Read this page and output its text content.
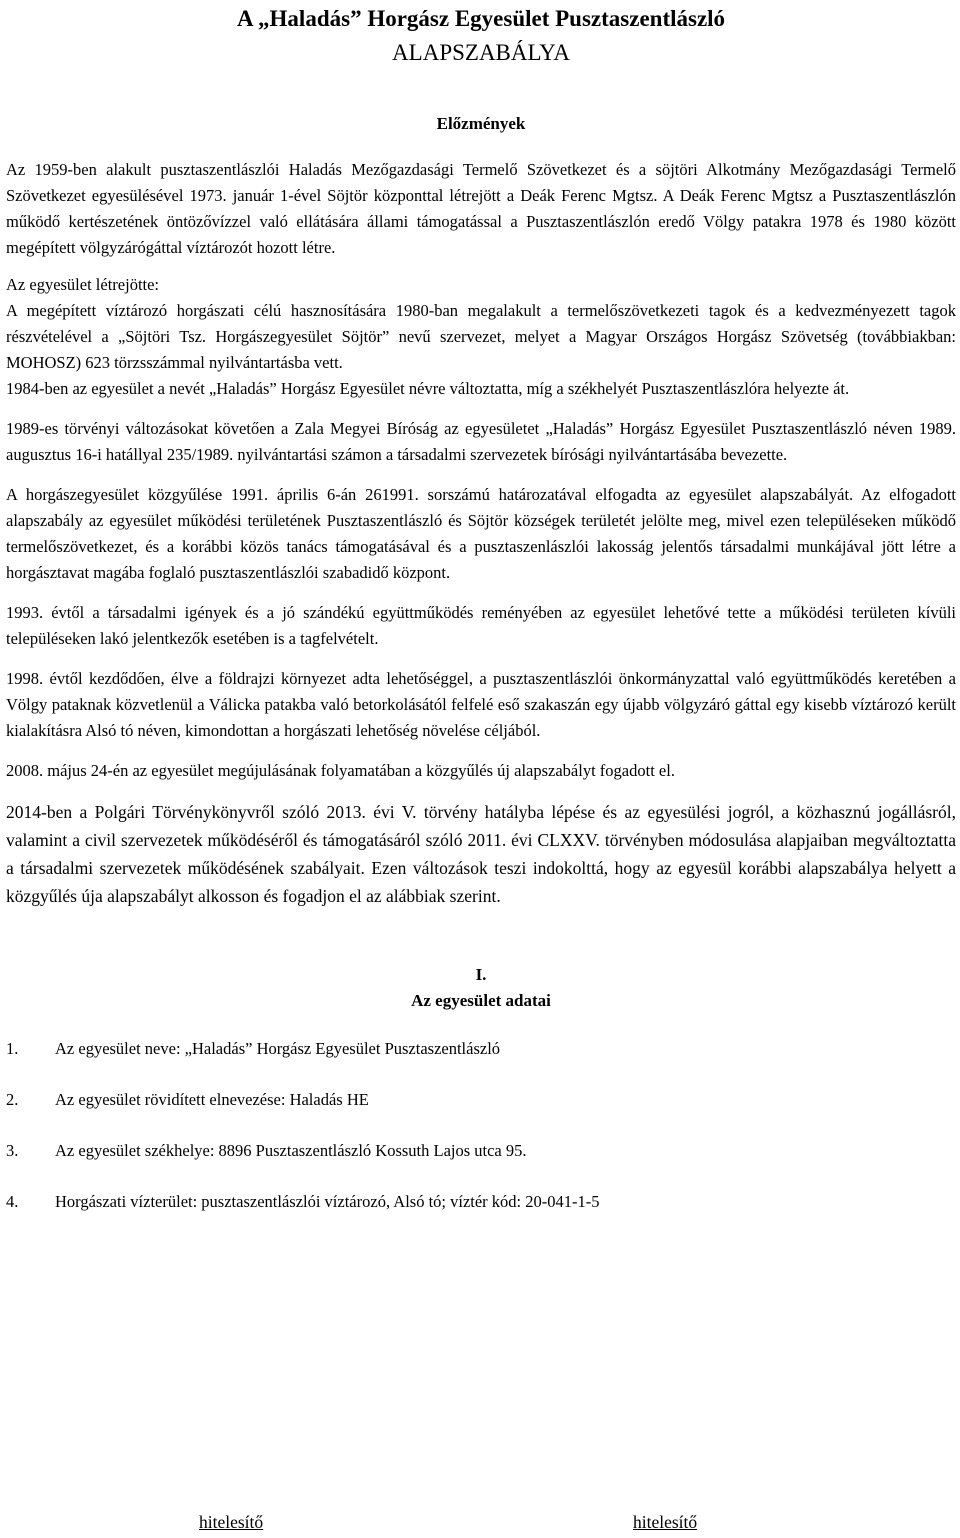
A „Haladás” Horgász Egyesület Pusztaszentlászló
ALAPSZABÁLYA
Előzmények

Az 1959-ben alakult pusztaszentlászlói Haladás Mezőgazdasági Termelő Szövetkezet és a söjtöri Alkotmány Mezőgazdasági Termelő Szövetkezet egyesülésével 1973. január 1-ével Söjtör központtal létrejött a Deák Ferenc Mgtsz. A Deák Ferenc Mgtsz a Pusztaszentlászlón működő kertészetének öntözővízzel való ellátására állami támogatással a Pusztaszentlászlón eredő Völgy patakra 1978 és 1980 között megépített völgyzárógáttal víztározót hozott létre.

Az egyesület létrejötte:

A megépített víztározó horgászati célú hasznosítására 1980-ban megalakult a termelőszövetkezeti tagok és a kedvezményezett tagok részvételével a „Söjtöri Tsz. Horgászegyesület Söjtör” nevű szervezet, melyet a Magyar Országos Horgász Szövetség (továbbiakban: MOHOSZ) 623 törzsszámmal nyilvántartásba vett.

1984-ben az egyesület a nevét „Haladás” Horgász Egyesület névre változtatta, míg a székhelyét Pusztaszentlászlóra helyezte át.

1989-es törvényi változásokat követően a Zala Megyei Bíróság az egyesületet „Haladás” Horgász Egyesület Pusztaszentlászló néven 1989. augusztus 16-i hatállyal 235/1989. nyilvántartási számon a társadalmi szervezetek bírósági nyilvántartásába bevezette.

A horgászegyesület közgyűlése 1991. április 6-án 261991. sorszámú határozatával elfogadta az egyesület alapszabályát. Az elfogadott alapszabály az egyesület működési területének Pusztaszentlászló és Söjtör községek területét jelölte meg, mivel ezen településeken működő termelőszövetkezet, és a korábbi közös tanács támogatásával és a pusztaszenlászlói lakosság jelentős társadalmi munkájával jött létre a horgásztavat magába foglaló pusztaszentlászlói szabadidő központ.

1993. évtől a társadalmi igények és a jó szándékú együttműködés reményében az egyesület lehetővé tette a működési területen kívüli településeken lakó jelentkezők esetében is a tagfelvételt.

1998. évtől kezdődően, élve a földrajzi környezet adta lehetőséggel, a pusztaszentlászlói önkormányzattal való együttműködés keretében a Völgy pataknak közvetlenül a Válicka patakba való betorkolásától felfelé eső szakaszán egy újabb völgyzáró gáttal egy kisebb víztározó került kialakításra Alsó tó néven, kimondottan a horgászati lehetőség növelése céljából.

2008. május 24-én az egyesület megújulásának folyamatában a közgyűlés új alapszabályt fogadott el.

2014-ben a Polgári Törvénykönyvről szóló 2013. évi V. törvény hatályba lépése és az egyesülési jogról, a közhasznú jogállásról, valamint a civil szervezetek működéséről és támogatásáról szóló 2011. évi CLXXV. törvényben módosulása alapjaiban megváltoztatta a társadalmi szervezetek működésének szabályait. Ezen változások teszi indokolttá, hogy az egyesül korábbi alapszabálya helyett a közgyűlés újа alapszabályt alkosson és fogadjon el az alábbiak szerint.

I.
Az egyesület adatai
1.	Az egyesület neve: „Haladás” Horgász Egyesület Pusztaszentlászló
2.	Az egyesület rövidített elnevezése: Haladás HE
3.	Az egyesület székhelye: 8896 Pusztaszentlászló Kossuth Lajos utca 95.
4.	Horgászati vízterület: pusztaszentlászlói víztározó, Alsó tó; víztér kód: 20-041-1-5
hitelesítő	hitelesítő
